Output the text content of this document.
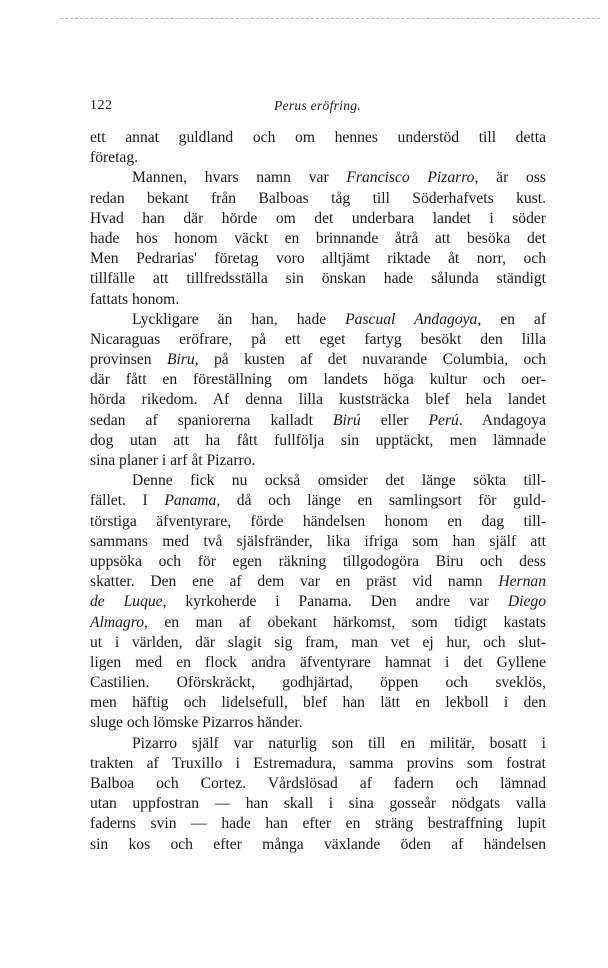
122	Perus eröfring.
ett annat guldland och om hennes understöd till detta
företag.
Mannen, hvars namn var Francisco Pizarro, är oss
redan bekant från Balboas tåg till Söderhafvets kust.
Hvad han där hörde om det underbara landet i söder
hade hos honom väckt en brinnande åtrå att besöka det
Men Pedrarias' företag voro alltjämt riktade åt norr, och
tillfälle att tillfredsställa sin önskan hade sålunda ständigt
fattats honom.
Lyckligare än han, hade Pascual Andagoya, en af
Nicaraguas eröfrare, på ett eget fartyg besökt den lilla
provinsen Biru, på kusten af det nuvarande Columbia, och
där fått en föreställning om landets höga kultur och oer-
hörda rikedom. Af denna lilla kuststräcka blef hela landet
sedan af spaniorerna kalladt Birú eller Perú. Andagoya
dog utan att ha fått fullfölja sin upptäckt, men lämnade
sina planer i arf åt Pizarro.
Denne fick nu också omsider det länge sökta till-
fället. I Panama, då och länge en samlingsort för guld-
törstiga äfventyrare, förde händelsen honom en dag till-
sammans med två själsfränder, lika ifriga som han själf att
uppsöka och för egen räkning tillgodogöra Biru och dess
skatter. Den ene af dem var en präst vid namn Hernan
de Luque, kyrkoherde i Panama. Den andre var Diego
Almagro, en man af obekant härkomst, som tidigt kastats
ut i världen, där slagit sig fram, man vet ej hur, och slut-
ligen med en flock andra äfventyrare hamnat i det Gyllene
Castilien. Oförskräckt, godhjärtad, öppen och sveklös,
men häftig och lidelsefull, blef han lätt en lekboll i den
sluge och lömske Pizarros händer.
Pizarro själf var naturlig son till en militär, bosatt i
trakten af Truxillo i Estremadura, samma provins som fostrat
Balboa och Cortez. Vårdslösad af fadern och lämnad
utan uppfostran — han skall i sina gosseår nödgats valla
faderns svin — hade han efter en sträng bestraffning lupit
sin kos och efter många växlande öden af händelsen
